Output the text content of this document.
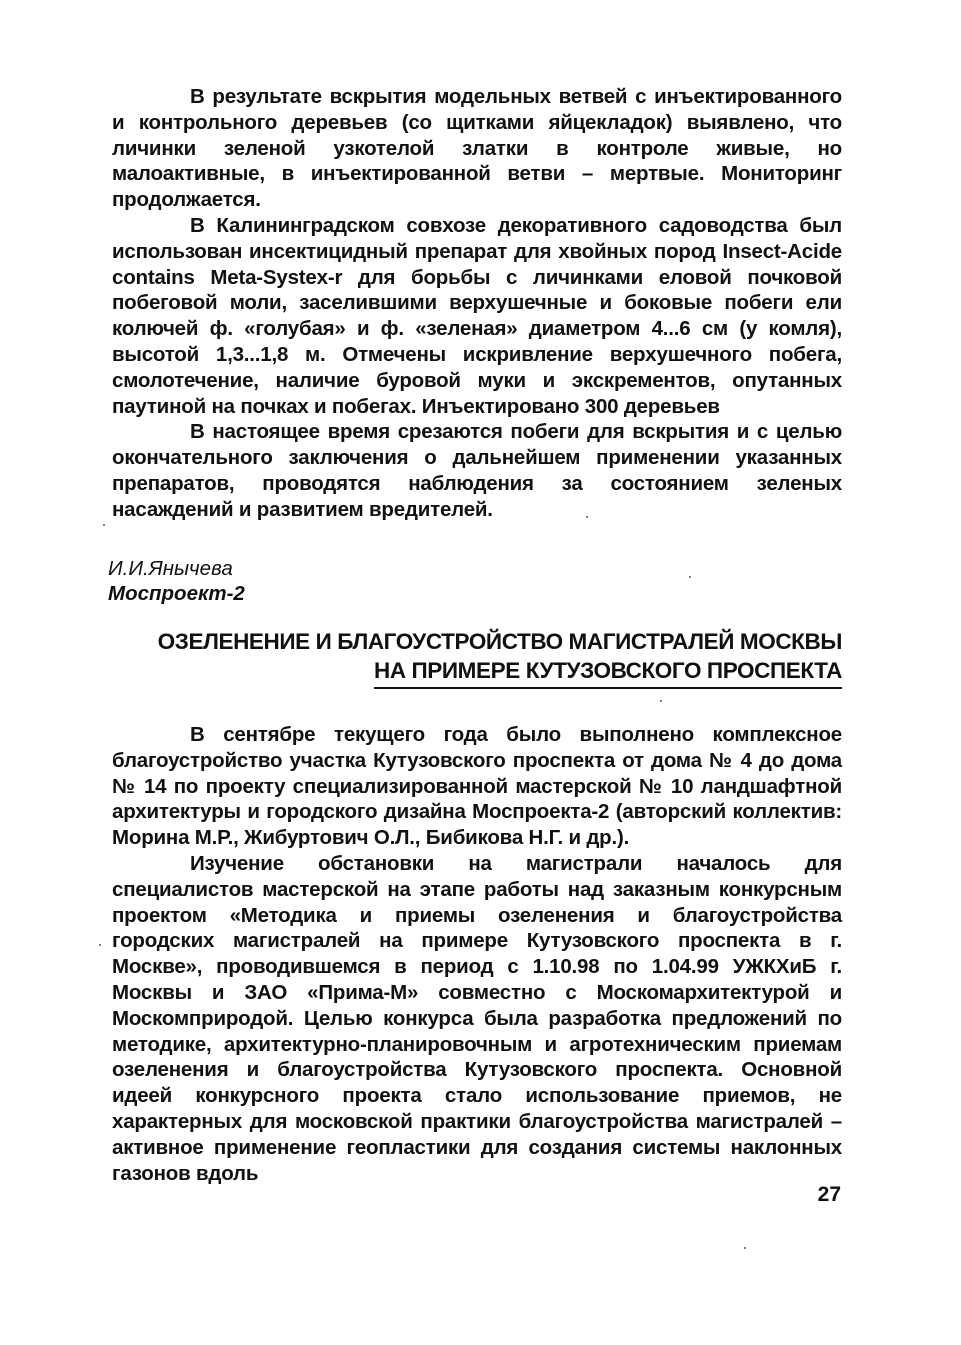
В результате вскрытия модельных ветвей с инъектированного и контрольного деревьев (со щитками яйцекладок) выявлено, что личинки зеленой узкотелой златки в контроле живые, но малоактивные, в инъектированной ветви – мертвые. Мониторинг продолжается.

В Калининградском совхозе декоративного садоводства был использован инсектицидный препарат для хвойных пород Insect-Acide contains Meta-Systex-r для борьбы с личинками еловой почковой побеговой моли, заселившими верхушечные и боковые побеги ели колючей ф. «голубая» и ф. «зеленая» диаметром 4...6 см (у комля), высотой 1,3...1,8 м. Отмечены искривление верхушечного побега, смолотечение, наличие буровой муки и экскрементов, опутанных паутиной на почках и побегах. Инъектировано 300 деревьев

В настоящее время срезаются побеги для вскрытия и с целью окончательного заключения о дальнейшем применении указанных препаратов, проводятся наблюдения за состоянием зеленых насаждений и развитием вредителей.

И.И.Янычева
Моспроект-2
ОЗЕЛЕНЕНИЕ И БЛАГОУСТРОЙСТВО МАГИСТРАЛЕЙ МОСКВЫ
НА ПРИМЕРЕ КУТУЗОВСКОГО ПРОСПЕКТА

В сентябре текущего года было выполнено комплексное благоустройство участка Кутузовского проспекта от дома № 4 до дома № 14 по проекту специализированной мастерской № 10 ландшафтной архитектуры и городского дизайна Моспроекта-2 (авторский коллектив: Морина М.Р., Жибуртович О.Л., Бибикова Н.Г. и др.).

Изучение обстановки на магистрали началось для специалистов мастерской на этапе работы над заказным конкурсным проектом «Методика и приемы озеленения и благоустройства городских магистралей на примере Кутузовского проспекта в г. Москве», проводившемся в период с 1.10.98 по 1.04.99 УЖКХиБ г. Москвы и ЗАО «Прима-М» совместно с Москомархитектурой и Москомприродой. Целью конкурса была разработка предложений по методике, архитектурно-планировочным и агротехническим приемам озеленения и благоустройства Кутузовского проспекта. Основной идеей конкурсного проекта стало использование приемов, не характерных для московской практики благоустройства магистралей – активное применение геопластики для создания системы наклонных газонов вдоль

27
